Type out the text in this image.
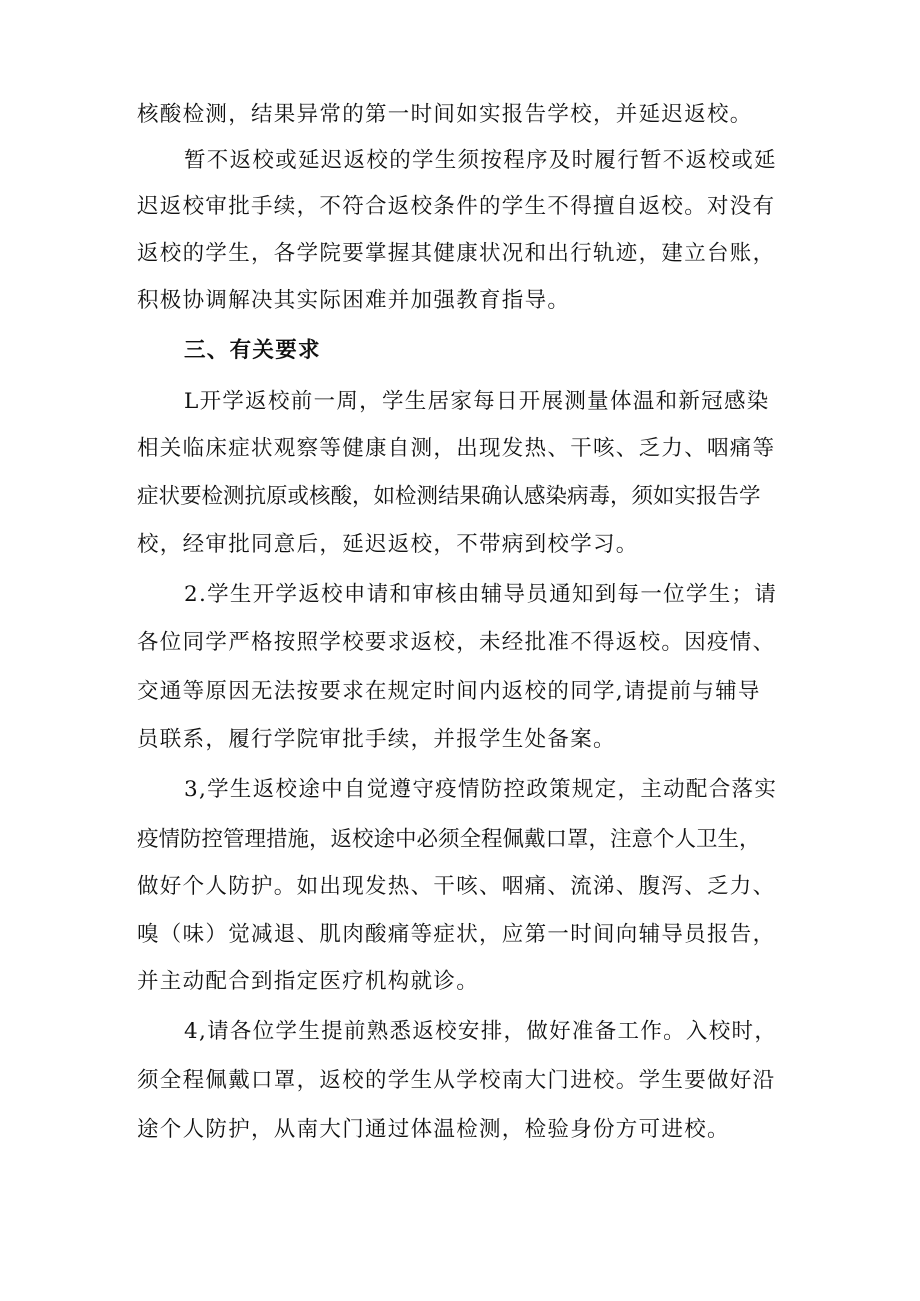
核酸检测，结果异常的第一时间如实报告学校，并延迟返校。
暂不返校或延迟返校的学生须按程序及时履行暂不返校或延
迟返校审批手续，不符合返校条件的学生不得擅自返校。对没有
返校的学生，各学院要掌握其健康状况和出行轨迹，建立台账，
积极协调解决其实际困难并加强教育指导。
三、有关要求
L开学返校前一周，学生居家每日开展测量体温和新冠感染
相关临床症状观察等健康自测，出现发热、干咳、乏力、咽痛等
症状要检测抗原或核酸，如检测结果确认感染病毒，须如实报告学
校，经审批同意后，延迟返校，不带病到校学习。
2.学生开学返校申请和审核由辅导员通知到每一位学生；请
各位同学严格按照学校要求返校，未经批准不得返校。因疫情、
交通等原因无法按要求在规定时间内返校的同学,请提前与辅导
员联系，履行学院审批手续，并报学生处备案。
3,学生返校途中自觉遵守疫情防控政策规定，主动配合落实
疫情防控管理措施，返校途中必须全程佩戴口罩，注意个人卫生，
做好个人防护。如出现发热、干咳、咽痛、流涕、腹泻、乏力、
嗅（味）觉减退、肌肉酸痛等症状，应第一时间向辅导员报告，
并主动配合到指定医疗机构就诊。
4,请各位学生提前熟悉返校安排，做好准备工作。入校时，
须全程佩戴口罩，返校的学生从学校南大门进校。学生要做好沿
途个人防护，从南大门通过体温检测，检验身份方可进校。
